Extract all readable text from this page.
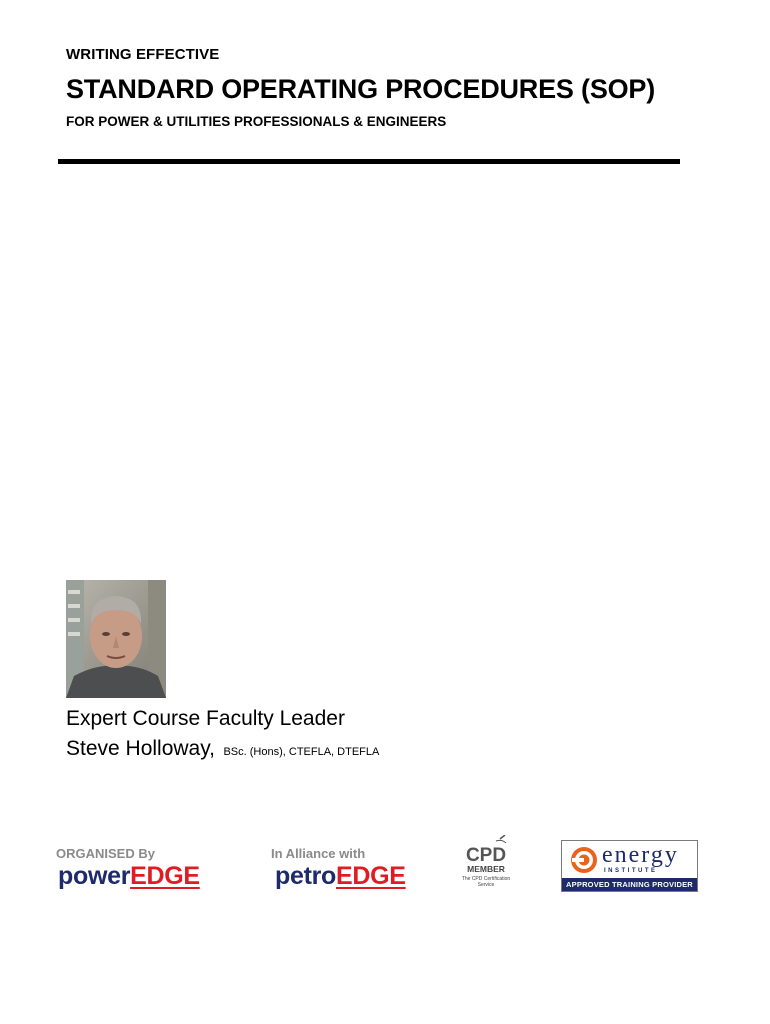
WRITING EFFECTIVE
STANDARD OPERATING PROCEDURES (SOP)
FOR POWER & UTILITIES PROFESSIONALS & ENGINEERS
Expert Course Faculty Leader
Steve Holloway, BSc. (Hons), CTEFLA, DTEFLA
ORGANISED By	In Alliance with
powerEDGE	petroEDGE
CPD
MEMBER
The CPD Certification
Service
energy
INSTITUTE
APPROVED TRAINING PROVIDER
